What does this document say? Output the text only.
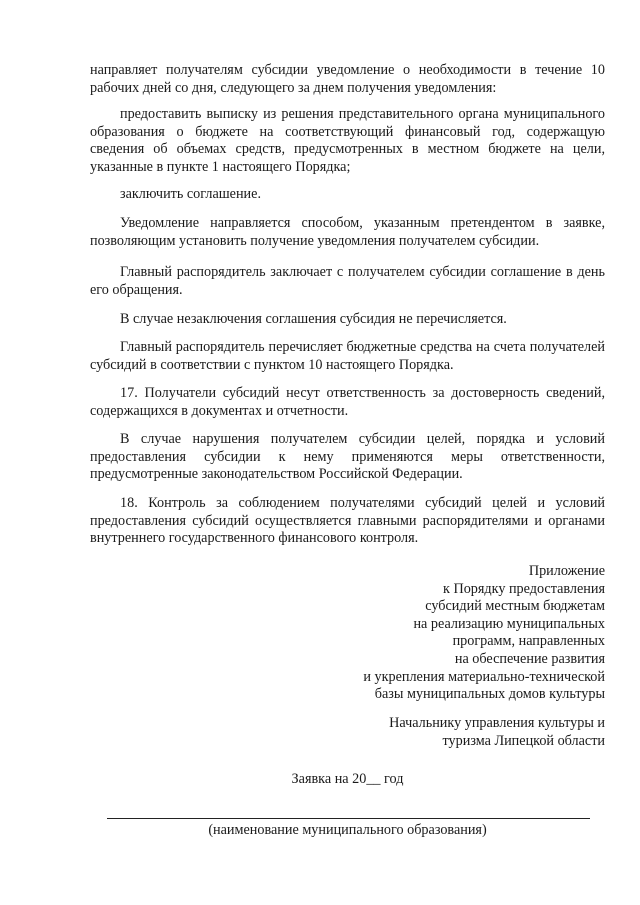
направляет получателям субсидии уведомление о необходимости в течение 10 рабочих дней со дня, следующего за днем получения уведомления:

предоставить выписку из решения представительного органа муниципального образования о бюджете на соответствующий финансовый год, содержащую сведения об объемах средств, предусмотренных в местном бюджете на цели, указанные в пункте 1 настоящего Порядка;

заключить соглашение.

Уведомление направляется способом, указанным претендентом в заявке, позволяющим установить получение уведомления получателем субсидии.

Главный распорядитель заключает с получателем субсидии соглашение в день его обращения.

В случае незаключения соглашения субсидия не перечисляется.

Главный распорядитель перечисляет бюджетные средства на счета получателей субсидий в соответствии с пунктом 10 настоящего Порядка.

17. Получатели субсидий несут ответственность за достоверность сведений, содержащихся в документах и отчетности.

В случае нарушения получателем субсидии целей, порядка и условий предоставления субсидии к нему применяются меры ответственности, предусмотренные законодательством Российской Федерации.

18. Контроль за соблюдением получателями субсидий целей и условий предоставления субсидий осуществляется главными распорядителями и органами внутреннего государственного финансового контроля.

Приложение
к Порядку предоставления
субсидий местным бюджетам
на реализацию муниципальных
программ, направленных
на обеспечение развития
и укрепления материально-технической
базы муниципальных домов культуры
Начальнику управления культуры и
туризма Липецкой области
Заявка на 20__ год
(наименование муниципального образования)
